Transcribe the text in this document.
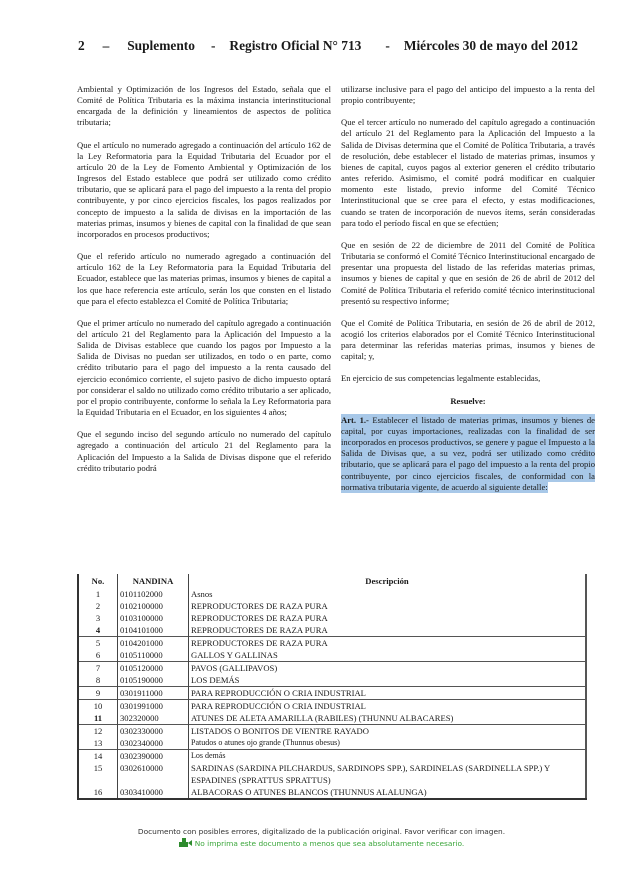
2	–	Suplemento - Registro Oficial N° 713 - Miércoles 30 de mayo del 2012

Ambiental y Optimización de los Ingresos del Estado, señala que el Comité de Política Tributaria es la máxima instancia interinstitucional encargada de la definición y lineamientos de aspectos de política tributaria;

Que el artículo no numerado agregado a continuación del artículo 162 de la Ley Reformatoria para la Equidad Tributaria del Ecuador por el artículo 20 de la Ley de Fomento Ambiental y Optimización de los Ingresos del Estado establece que podrá ser utilizado como crédito tributario, que se aplicará para el pago del impuesto a la renta del propio contribuyente, y por cinco ejercicios fiscales, los pagos realizados por concepto de impuesto a la salida de divisas en la importación de las materias primas, insumos y bienes de capital con la finalidad de que sean incorporados en procesos productivos;

Que el referido artículo no numerado agregado a continuación del artículo 162 de la Ley Reformatoria para la Equidad Tributaria del Ecuador, establece que las materias primas, insumos y bienes de capital a los que hace referencia este artículo, serán los que consten en el listado que para el efecto establezca el Comité de Política Tributaria;

Que el primer artículo no numerado del capítulo agregado a continuación del artículo 21 del Reglamento para la Aplicación del Impuesto a la Salida de Divisas establece que cuando los pagos por Impuesto a la Salida de Divisas no puedan ser utilizados, en todo o en parte, como crédito tributario para el pago del impuesto a la renta causado del ejercicio económico corriente, el sujeto pasivo de dicho impuesto optará por considerar el saldo no utilizado como crédito tributario a ser aplicado, por el propio contribuyente, conforme lo señala la Ley Reformatoria para la Equidad Tributaria en el Ecuador, en los siguientes 4 años;

Que el segundo inciso del segundo artículo no numerado del capítulo agregado a continuación del artículo 21 del Reglamento para la Aplicación del Impuesto a la Salida de Divisas dispone que el referido crédito tributario podrá

utilizarse inclusive para el pago del anticipo del impuesto a la renta del propio contribuyente;

Que el tercer artículo no numerado del capítulo agregado a continuación del artículo 21 del Reglamento para la Aplicación del Impuesto a la Salida de Divisas determina que el Comité de Política Tributaria, a través de resolución, debe establecer el listado de materias primas, insumos y bienes de capital, cuyos pagos al exterior generen el crédito tributario antes referido. Asimismo, el comité podrá modificar en cualquier momento este listado, previo informe del Comité Técnico Interinstitucional que se cree para el efecto, y estas modificaciones, cuando se traten de incorporación de nuevos ítems, serán consideradas para todo el período fiscal en que se efectúen;

Que en sesión de 22 de diciembre de 2011 del Comité de Política Tributaria se conformó el Comité Técnico Interinstitucional encargado de presentar una propuesta del listado de las referidas materias primas, insumos y bienes de capital y que en sesión de 26 de abril de 2012 del Comité de Política Tributaria el referido comité técnico interinstitucional presentó su respectivo informe;

Que el Comité de Política Tributaria, en sesión de 26 de abril de 2012, acogió los criterios elaborados por el Comité Técnico Interinstitucional para determinar las referidas materias primas, insumos y bienes de capital; y,

En ejercicio de sus competencias legalmente establecidas,

Resuelve:

Art. 1.- Establecer el listado de materias primas, insumos y bienes de capital, por cuyas importaciones, realizadas con la finalidad de ser incorporados en procesos productivos, se genere y pague el Impuesto a la Salida de Divisas que, a su vez, podrá ser utilizado como crédito tributario, que se aplicará para el pago del impuesto a la renta del propio contribuyente, por cinco ejercicios fiscales, de conformidad con la normativa tributaria vigente, de acuerdo al siguiente detalle:

No.	NANDINA	Descripción
1	0101102000	Asnos
2	0102100000	REPRODUCTORES DE RAZA PURA
3	0103100000	REPRODUCTORES DE RAZA PURA
4	0104101000	REPRODUCTORES DE RAZA PURA
5	0104201000	REPRODUCTORES DE RAZA PURA
6	0105110000	GALLOS Y GALLINAS
7	0105120000	PAVOS (GALLIPAVOS)
8	0105190000	LOS DEMÁS
9	0301911000	PARA REPRODUCCIÓN O CRIA INDUSTRIAL
10	0301991000	PARA REPRODUCCIÓN O CRIA INDUSTRIAL
11	302320000	ATUNES DE ALETA AMARILLA (RABILES) (THUNNU ALBACARES)
12	0302330000	LISTADOS O BONITOS DE VIENTRE RAYADO
13	0302340000	Patudos o atunes ojo grande (Thunnus obesus)
14	0302390000	Los demás
15	0302610000	SARDINAS (SARDINA PILCHARDUS, SARDINOPS SPP.), SARDINELAS (SARDINELLA SPP.) Y ESPADINES (SPRATTUS SPRATTUS)
16	0303410000	ALBACORAS O ATUNES BLANCOS (THUNNUS ALALUNGA)
Documento con posibles errores, digitalizado de la publicación original. Favor verificar con imagen.
No imprima este documento a menos que sea absolutamente necesario.
